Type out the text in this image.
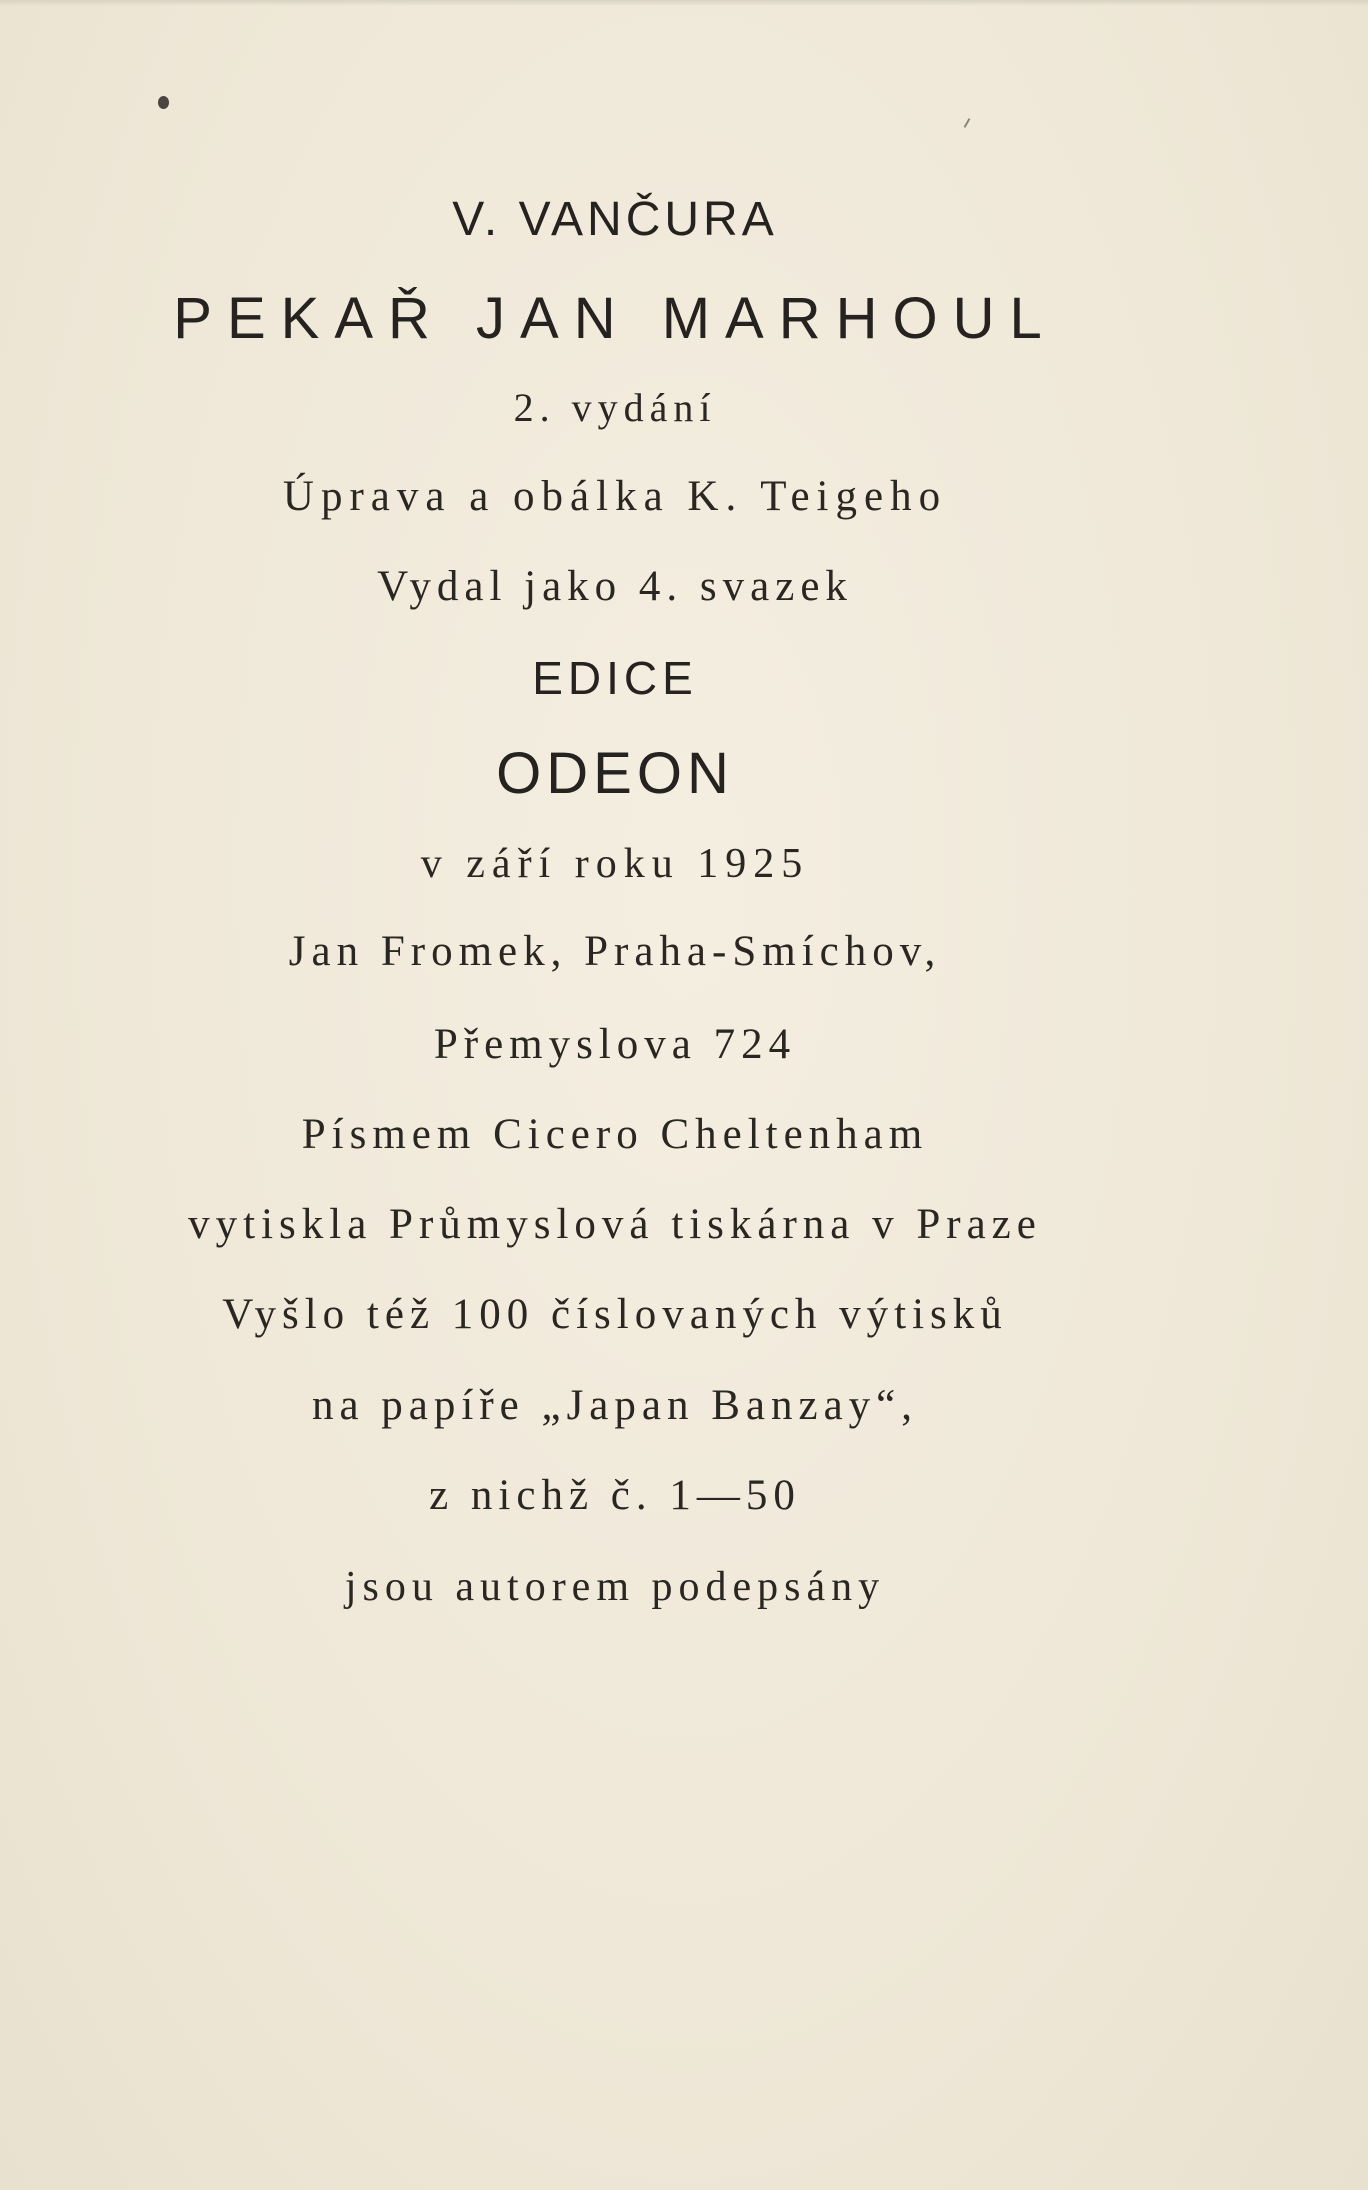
V. VANČURA
PEKAŘ JAN MARHOUL
2. vydání
Úprava a obálka K. Teigeho
Vydal jako 4. svazek
EDICE
ODEON
v září roku 1925
Jan Fromek, Praha-Smíchov,
Přemyslova 724
Písmem Cicero Cheltenham
vytiskla Průmyslová tiskárna v Praze
Vyšlo též 100 číslovaných výtisků
na papíře „Japan Banzay“,
z nichž č. 1—50
jsou autorem podepsány
